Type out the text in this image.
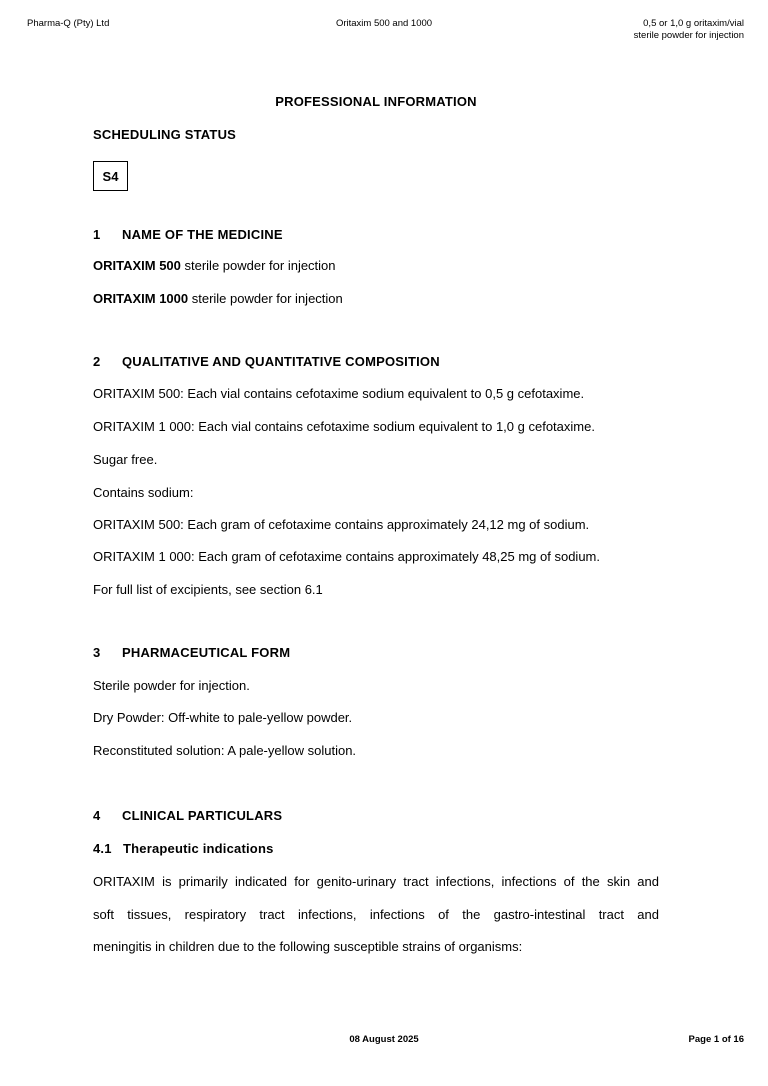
Pharma-Q (Pty) Ltd	Oritaxim 500 and 1000	0,5 or 1,0 g oritaxim/vial
sterile powder for injection
PROFESSIONAL INFORMATION
SCHEDULING STATUS
S4
1 NAME OF THE MEDICINE
ORITAXIM 500 sterile powder for injection
ORITAXIM 1000 sterile powder for injection
2 QUALITATIVE AND QUANTITATIVE COMPOSITION
ORITAXIM 500: Each vial contains cefotaxime sodium equivalent to 0,5 g cefotaxime.
ORITAXIM 1 000: Each vial contains cefotaxime sodium equivalent to 1,0 g cefotaxime.
Sugar free.
Contains sodium:
ORITAXIM 500: Each gram of cefotaxime contains approximately 24,12 mg of sodium.
ORITAXIM 1 000: Each gram of cefotaxime contains approximately 48,25 mg of sodium.
For full list of excipients, see section 6.1
3 PHARMACEUTICAL FORM
Sterile powder for injection.
Dry Powder: Off-white to pale-yellow powder.
Reconstituted solution: A pale-yellow solution.
4 CLINICAL PARTICULARS
4.1 Therapeutic indications
ORITAXIM is primarily indicated for genito-urinary tract infections, infections of the skin and
soft tissues, respiratory tract infections, infections of the gastro-intestinal tract and
meningitis in children due to the following susceptible strains of organisms:
08 August 2025	Page 1 of 16
